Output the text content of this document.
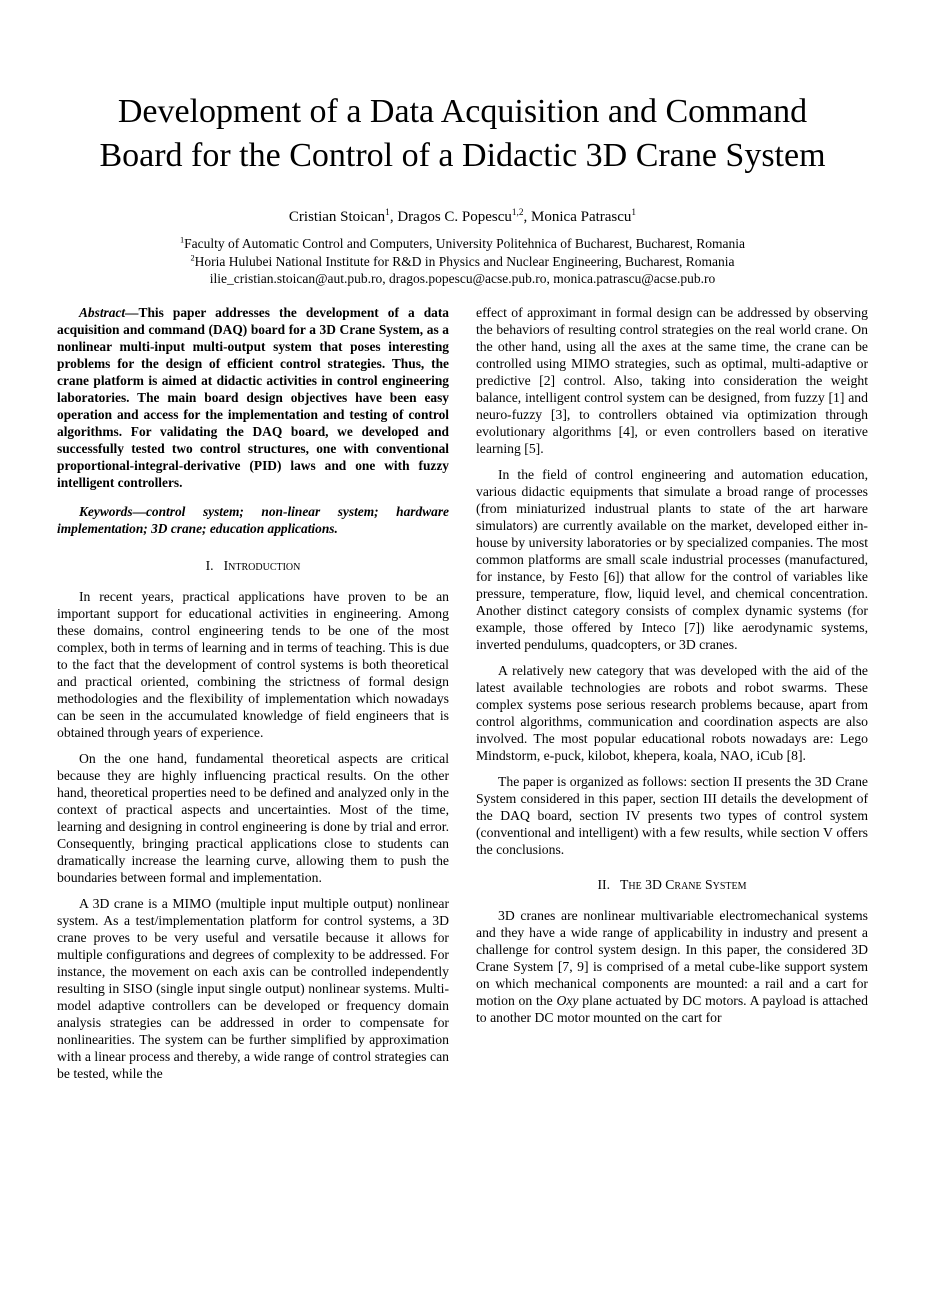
Development of a Data Acquisition and Command
Board for the Control of a Didactic 3D Crane System
Cristian Stoican$^1$, Dragos C. Popescu$^{1,2}$, Monica Patrascu$^1$
$^1$Faculty of Automatic Control and Computers, University Politehnica of Bucharest, Bucharest, Romania
$^2$Horia Hulubei National Institute for R&D in Physics and Nuclear Engineering, Bucharest, Romania
ilie_cristian.stoican@aut.pub.ro, dragos.popescu@acse.pub.ro, monica.patrascu@acse.pub.ro

Abstract—This paper addresses the development of a data acquisition and command (DAQ) board for a 3D Crane System, as a nonlinear multi-input multi-output system that poses interesting problems for the design of efficient control strategies. Thus, the crane platform is aimed at didactic activities in control engineering laboratories. The main board design objectives have been easy operation and access for the implementation and testing of control algorithms. For validating the DAQ board, we developed and successfully tested two control structures, one with conventional proportional-integral-derivative (PID) laws and one with fuzzy intelligent controllers.

Keywords—control system; non-linear system; hardware implementation; 3D crane; education applications.

I. Introduction

In recent years, practical applications have proven to be an important support for educational activities in engineering. Among these domains, control engineering tends to be one of the most complex, both in terms of learning and in terms of teaching. This is due to the fact that the development of control systems is both theoretical and practical oriented, combining the strictness of formal design methodologies and the flexibility of implementation which nowadays can be seen in the accumulated knowledge of field engineers that is obtained through years of experience.

On the one hand, fundamental theoretical aspects are critical because they are highly influencing practical results. On the other hand, theoretical properties need to be defined and analyzed only in the context of practical aspects and uncertainties. Most of the time, learning and designing in control engineering is done by trial and error. Consequently, bringing practical applications close to students can dramatically increase the learning curve, allowing them to push the boundaries between formal and implementation.

A 3D crane is a MIMO (multiple input multiple output) nonlinear system. As a test/implementation platform for control systems, a 3D crane proves to be very useful and versatile because it allows for multiple configurations and degrees of complexity to be addressed. For instance, the movement on each axis can be controlled independently resulting in SISO (single input single output) nonlinear systems. Multi-model adaptive controllers can be developed or frequency domain analysis strategies can be addressed in order to compensate for nonlinearities. The system can be further simplified by approximation with a linear process and thereby, a wide range of control strategies can be tested, while the

effect of approximant in formal design can be addressed by observing the behaviors of resulting control strategies on the real world crane. On the other hand, using all the axes at the same time, the crane can be controlled using MIMO strategies, such as optimal, multi-adaptive or predictive [2] control. Also, taking into consideration the weight balance, intelligent control system can be designed, from fuzzy [1] and neuro-fuzzy [3], to controllers obtained via optimization through evolutionary algorithms [4], or even controllers based on iterative learning [5].

In the field of control engineering and automation education, various didactic equipments that simulate a broad range of processes (from miniaturized industrual plants to state of the art harware simulators) are currently available on the market, developed either in-house by university laboratories or by specialized companies. The most common platforms are small scale industrial processes (manufactured, for instance, by Festo [6]) that allow for the control of variables like pressure, temperature, flow, liquid level, and chemical concentration. Another distinct category consists of complex dynamic systems (for example, those offered by Inteco [7]) like aerodynamic systems, inverted pendulums, quadcopters, or 3D cranes.

A relatively new category that was developed with the aid of the latest available technologies are robots and robot swarms. These complex systems pose serious research problems because, apart from control algorithms, communication and coordination aspects are also involved. The most popular educational robots nowadays are: Lego Mindstorm, e-puck, kilobot, khepera, koala, NAO, iCub [8].

The paper is organized as follows: section II presents the 3D Crane System considered in this paper, section III details the development of the DAQ board, section IV presents two types of control system (conventional and intelligent) with a few results, while section V offers the conclusions.

II. The 3D Crane System

3D cranes are nonlinear multivariable electromechanical systems and they have a wide range of applicability in industry and present a challenge for control system design. In this paper, the considered 3D Crane System [7, 9] is comprised of a metal cube-like support system on which mechanical components are mounted: a rail and a cart for motion on the Oxy plane actuated by DC motors. A payload is attached to another DC motor mounted on the cart for
